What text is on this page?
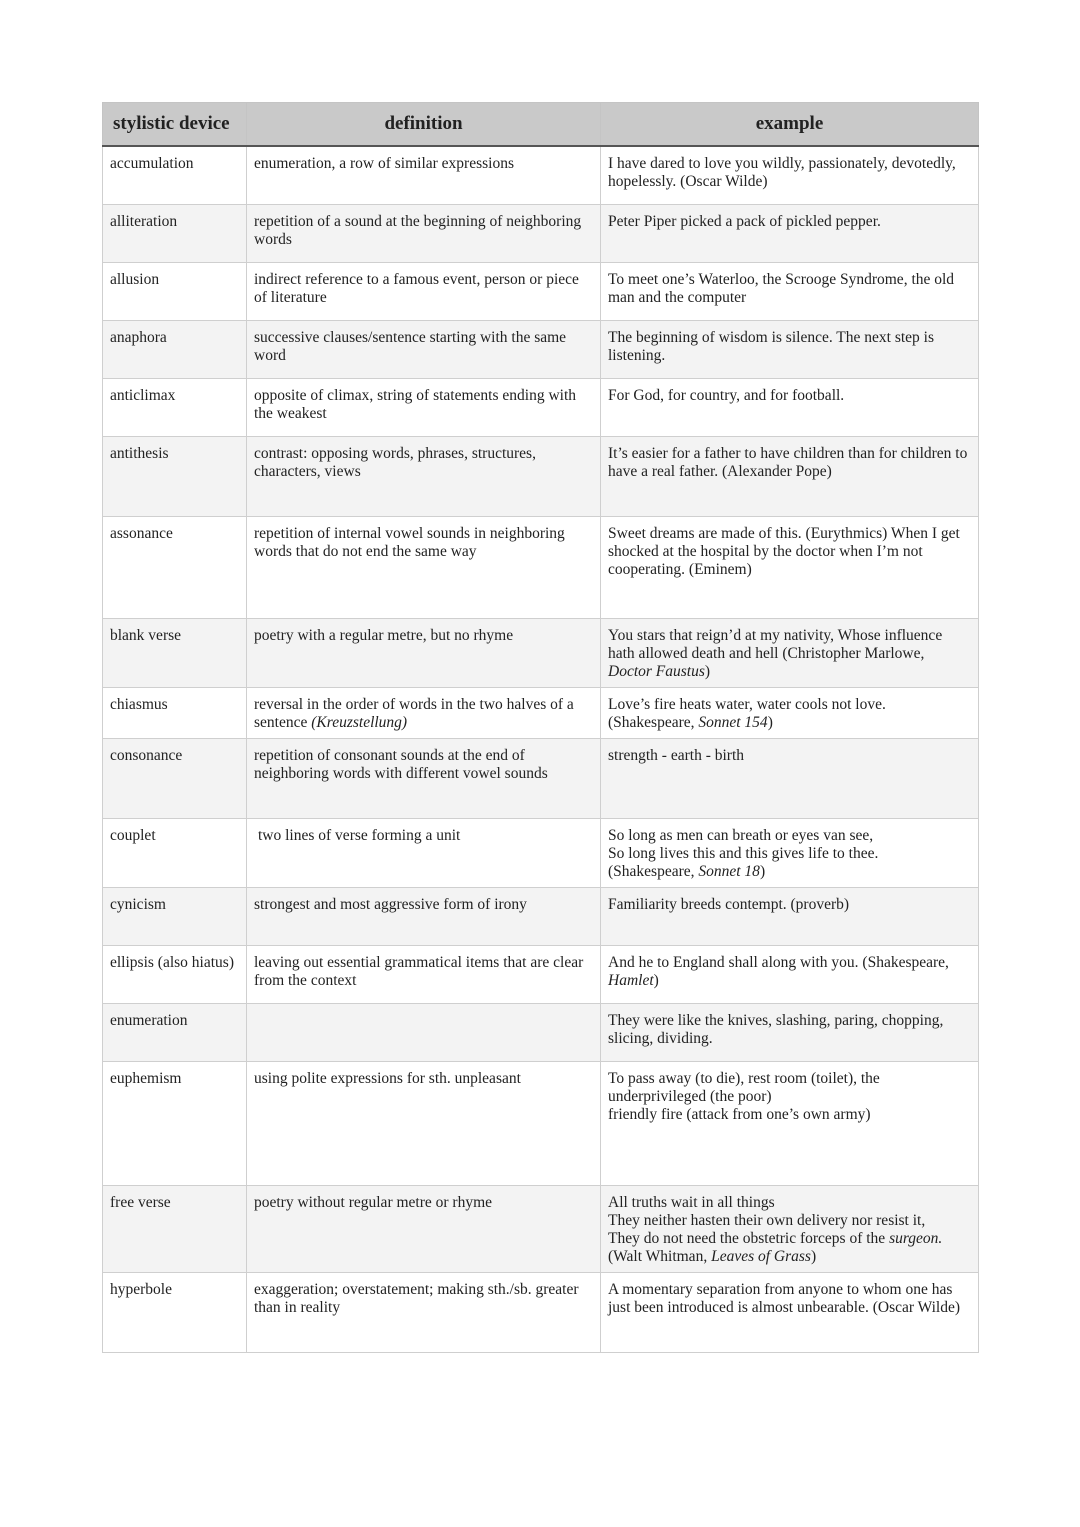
stylistic device	definition	example
accumulation	enumeration, a row of similar expressions	I have dared to love you wildly, passionately, devotedly, hopelessly. (Oscar Wilde)
alliteration	repetition of a sound at the beginning of neighboring words	Peter Piper picked a pack of pickled pepper.
allusion	indirect reference to a famous event, person or piece of literature	To meet one’s Waterloo, the Scrooge Syndrome, the old man and the computer
anaphora	successive clauses/sentence starting with the same word	The beginning of wisdom is silence. The next step is listening.
anticlimax	opposite of climax, string of statements ending with the weakest	For God, for country, and for football.
antithesis	contrast: opposing words, phrases, structures, characters, views	It’s easier for a father to have children than for children to have a real father. (Alexander Pope)
assonance	repetition of internal vowel sounds in neighboring words that do not end the same way	Sweet dreams are made of this. (Eurythmics) When I get shocked at the hospital by the doctor when I’m not cooperating. (Eminem)
blank verse	poetry with a regular metre, but no rhyme	You stars that reign’d at my nativity, Whose influence hath allowed death and hell (Christopher Marlowe, Doctor Faustus)
chiasmus	reversal in the order of words in the two halves of a sentence (Kreuzstellung)	Love’s fire heats water, water cools not love. (Shakespeare, Sonnet 154)
consonance	repetition of consonant sounds at the end of neighboring words with different vowel sounds	strength - earth - birth
couplet	two lines of verse forming a unit	So long as men can breath or eyes van see,
So long lives this and this gives life to thee.
(Shakespeare, Sonnet 18)
cynicism	strongest and most aggressive form of irony	Familiarity breeds contempt. (proverb)
ellipsis (also hiatus)	leaving out essential grammatical items that are clear from the context	And he to England shall along with you. (Shakespeare, Hamlet)
enumeration		They were like the knives, slashing, paring, chopping, slicing, dividing.
euphemism	using polite expressions for sth. unpleasant	To pass away (to die), rest room (toilet), the underprivileged (the poor)
friendly fire (attack from one’s own army)
free verse	poetry without regular metre or rhyme	All truths wait in all things
They neither hasten their own delivery nor resist it,
They do not need the obstetric forceps of the surgeon.
(Walt Whitman, Leaves of Grass)
hyperbole	exaggeration; overstatement; making sth./sb. greater than in reality	A momentary separation from anyone to whom one has just been introduced is almost unbearable. (Oscar Wilde)
